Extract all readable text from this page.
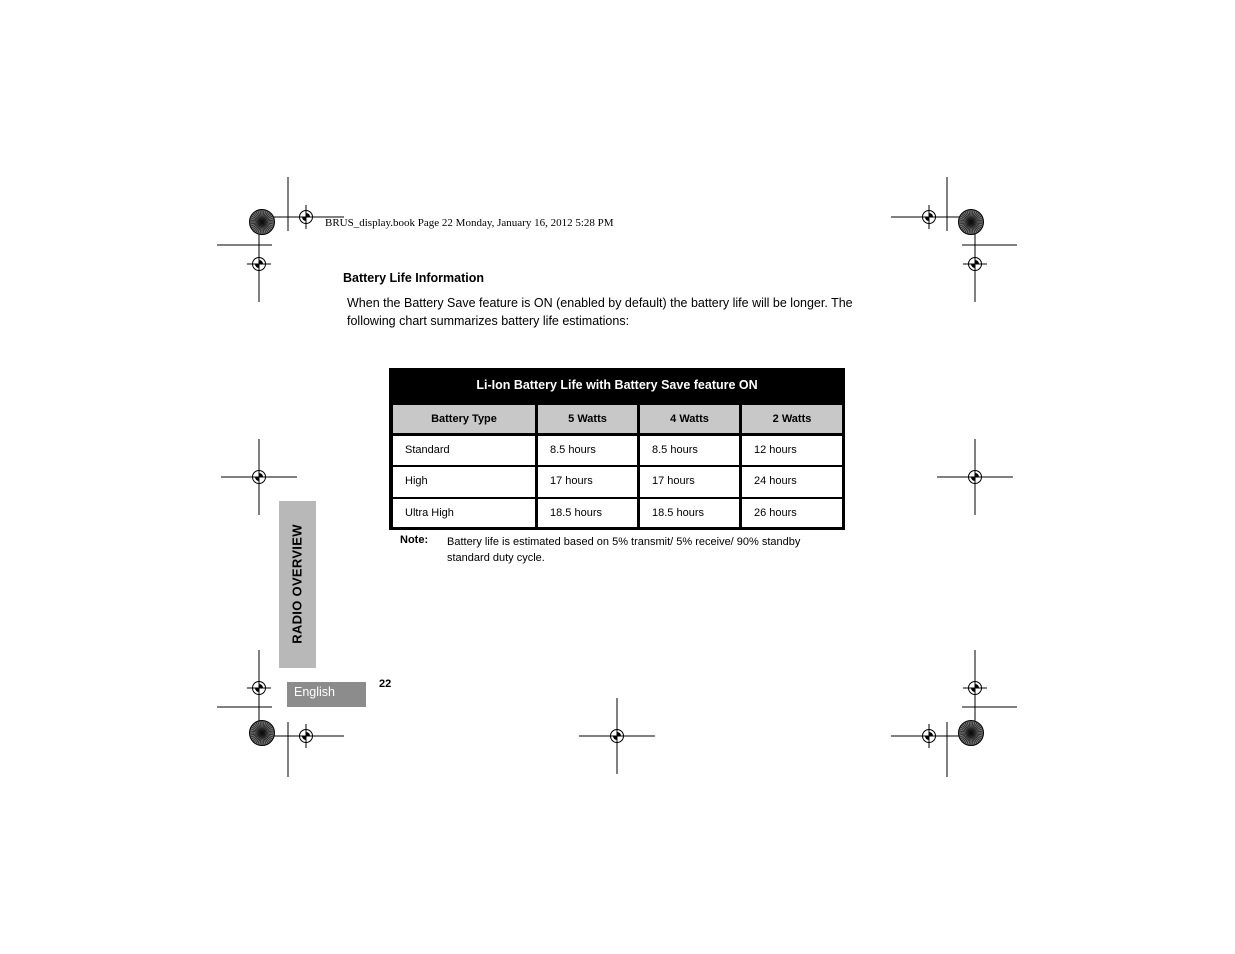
BRUS_display.book Page 22 Monday, January 16, 2012 5:28 PM
Battery Life Information
When the Battery Save feature is ON (enabled by default) the battery life will be longer. The following chart summarizes battery life estimations:
Li-Ion Battery Life with Battery Save feature ON
Battery Type	5 Watts	4 Watts	2 Watts
Standard	8.5 hours	8.5 hours	12 hours
High	17 hours	17 hours	24 hours
Ultra High	18.5 hours	18.5 hours	26 hours
Note: Battery life is estimated based on 5% transmit/ 5% receive/ 90% standby standard duty cycle.
RADIO OVERVIEW
English
22
